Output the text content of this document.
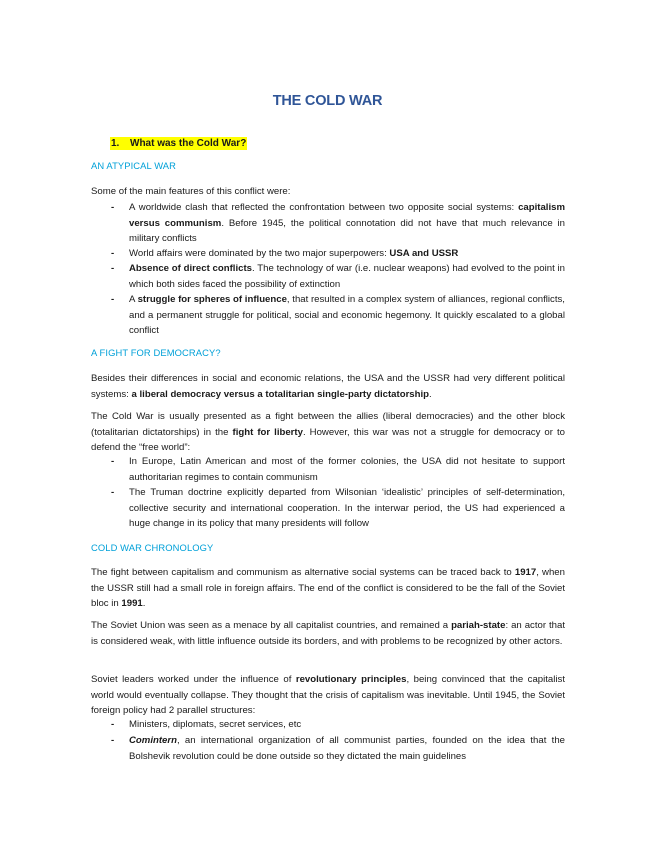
THE COLD WAR
1. What was the Cold War?
AN ATYPICAL WAR
Some of the main features of this conflict were:
-	A worldwide clash that reflected the confrontation between two opposite social systems: capitalism versus communism. Before 1945, the political connotation did not have that much relevance in military conflicts
-	World affairs were dominated by the two major superpowers: USA and USSR
-	Absence of direct conflicts. The technology of war (i.e. nuclear weapons) had evolved to the point in which both sides faced the possibility of extinction
-	A struggle for spheres of influence, that resulted in a complex system of alliances, regional conflicts, and a permanent struggle for political, social and economic hegemony. It quickly escalated to a global conflict
A FIGHT FOR DEMOCRACY?
Besides their differences in social and economic relations, the USA and the USSR had very different political systems: a liberal democracy versus a totalitarian single-party dictatorship.
The Cold War is usually presented as a fight between the allies (liberal democracies) and the other block (totalitarian dictatorships) in the fight for liberty. However, this war was not a struggle for democracy or to defend the “free world”:
-	In Europe, Latin American and most of the former colonies, the USA did not hesitate to support authoritarian regimes to contain communism
-	The Truman doctrine explicitly departed from Wilsonian ‘idealistic’ principles of self-determination, collective security and international cooperation. In the interwar period, the US had experienced a huge change in its policy that many presidents will follow
COLD WAR CHRONOLOGY
The fight between capitalism and communism as alternative social systems can be traced back to 1917, when the USSR still had a small role in foreign affairs. The end of the conflict is considered to be the fall of the Soviet bloc in 1991.
The Soviet Union was seen as a menace by all capitalist countries, and remained a pariah-state: an actor that is considered weak, with little influence outside its borders, and with problems to be recognized by other actors.
Soviet leaders worked under the influence of revolutionary principles, being convinced that the capitalist world would eventually collapse. They thought that the crisis of capitalism was inevitable. Until 1945, the Soviet foreign policy had 2 parallel structures:
-	Ministers, diplomats, secret services, etc
-	Comintern, an international organization of all communist parties, founded on the idea that the Bolshevik revolution could be done outside so they dictated the main guidelines
